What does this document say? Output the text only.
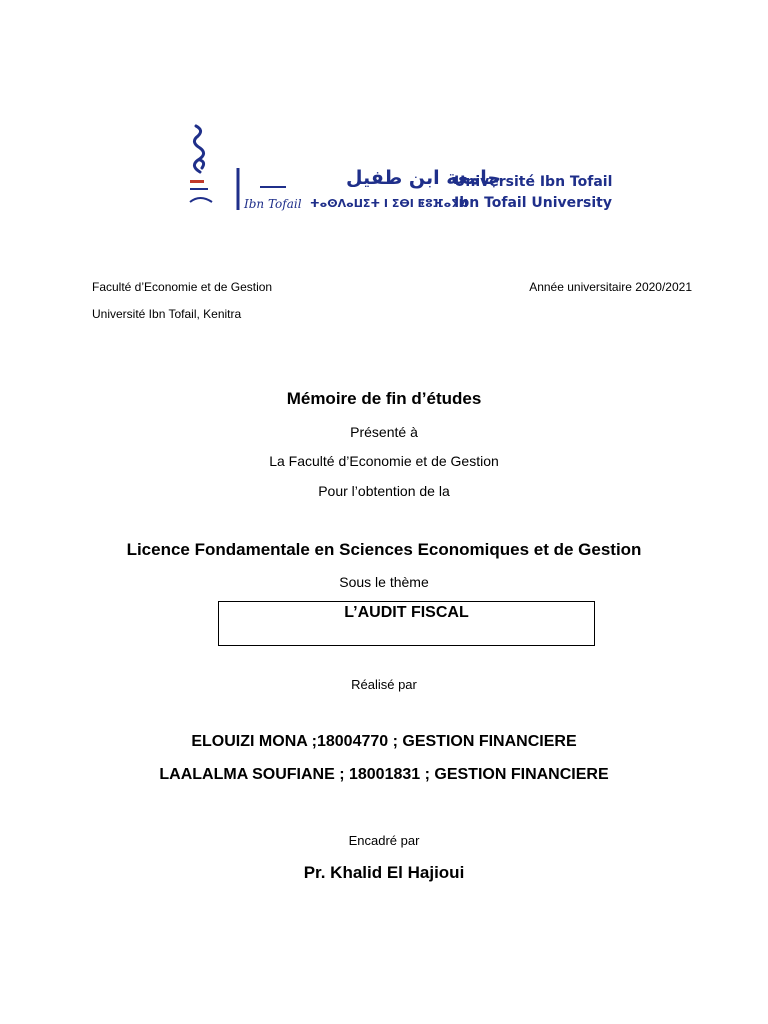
Ibn Tofail
جامعة ابن طفيل
Université Ibn Tofail
ⵜⴰⵙⴷⴰⵡⵉⵜ ⵏ ⵉⴱⵏ ⵟⵓⴼⴰⵢⵍ
Ibn Tofail University
Faculté d’Economie et de Gestion
Université Ibn Tofail, Kenitra
Année universitaire 2020/2021
Mémoire de fin d’études
Présenté à
La Faculté d’Economie et de Gestion
Pour l’obtention de la
Licence Fondamentale en Sciences Economiques et de Gestion
Sous le thème
L’AUDIT FISCAL
Réalisé par
ELOUIZI MONA ;18004770 ; GESTION FINANCIERE
LAALALMA SOUFIANE ; 18001831 ; GESTION FINANCIERE
Encadré par
Pr. Khalid El Hajioui
